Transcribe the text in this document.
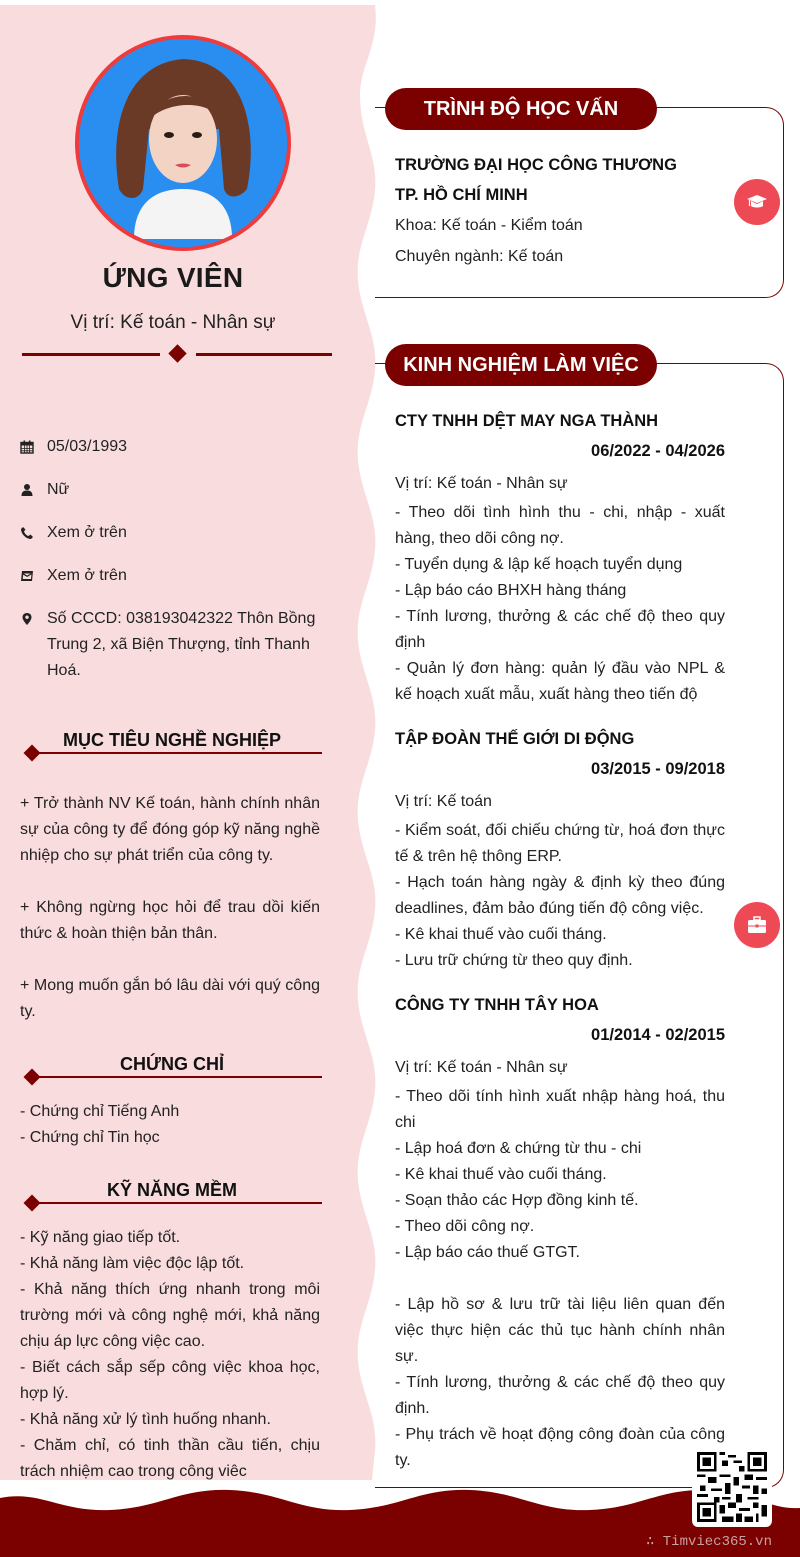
ỨNG VIÊN
Vị trí: Kế toán - Nhân sự
05/03/1993
Nữ
Xem ở trên
Xem ở trên
Số CCCD: 038193042322 Thôn Bồng Trung 2, xã Biện Thượng, tỉnh Thanh Hoá.
MỤC TIÊU NGHỀ NGHIỆP

+ Trở thành NV Kế toán, hành chính nhân sự của công ty để đóng góp kỹ năng nghề nhiệp cho sự phát triển của công ty.

+ Không ngừng học hỏi để trau dồi kiến thức & hoàn thiện bản thân.

+ Mong muốn gắn bó lâu dài với quý công ty.

CHỨNG CHỈ

- Chứng chỉ Tiếng Anh

- Chứng chỉ Tin học

KỸ NĂNG MỀM

- Kỹ năng giao tiếp tốt.

- Khả năng làm việc độc lập tốt.

- Khả năng thích ứng nhanh trong môi trường mới và công nghệ mới, khả năng chịu áp lực công việc cao.

- Biết cách sắp sếp công việc khoa học, hợp lý.

- Khả năng xử lý tình huống nhanh.

- Chăm chỉ, có tinh thần cầu tiến, chịu trách nhiệm cao trong công viêc

TRÌNH ĐỘ HỌC VẤN
TRƯỜNG ĐẠI HỌC CÔNG THƯƠNG
TP. HỒ CHÍ MINH
Khoa: Kế toán - Kiểm toán
Chuyên ngành: Kế toán
KINH NGHIỆM LÀM VIỆC
CTY TNHH DỆT MAY NGA THÀNH
06/2022 - 04/2026
Vị trí: Kế toán - Nhân sự

- Theo dõi tình hình thu - chi, nhập - xuất hàng, theo dõi công nợ.

- Tuyển dụng & lập kế hoạch tuyển dụng

- Lập báo cáo BHXH hàng tháng

- Tính lương, thưởng & các chế độ theo quy định

- Quản lý đơn hàng: quản lý đầu vào NPL & kế hoạch xuất mẫu, xuất hàng theo tiến độ

TẬP ĐOÀN THẾ GIỚI DI ĐỘNG
03/2015 - 09/2018
Vị trí: Kế toán

- Kiểm soát, đối chiếu chứng từ, hoá đơn thực tế & trên hệ thông ERP.

- Hạch toán hàng ngày & định kỳ theo đúng deadlines, đảm bảo đúng tiến độ công việc.

- Kê khai thuế vào cuối tháng.

- Lưu trữ chứng từ theo quy định.

CÔNG TY TNHH TÂY HOA
01/2014 - 02/2015
Vị trí: Kế toán - Nhân sự

- Theo dõi tính hình xuất nhập hàng hoá, thu chi

- Lập hoá đơn & chứng từ thu - chi

- Kê khai thuế vào cuối tháng.

- Soạn thảo các Hợp đồng kinh tế.

- Theo dõi công nợ.

- Lập báo cáo thuế GTGT.

- Lập hồ sơ & lưu trữ tài liệu liên quan đến việc thực hiện các thủ tục hành chính nhân sự.

- Tính lương, thưởng & các chế độ theo quy định.

- Phụ trách về hoạt động công đoàn của công ty.

∴ Timviec365.vn
